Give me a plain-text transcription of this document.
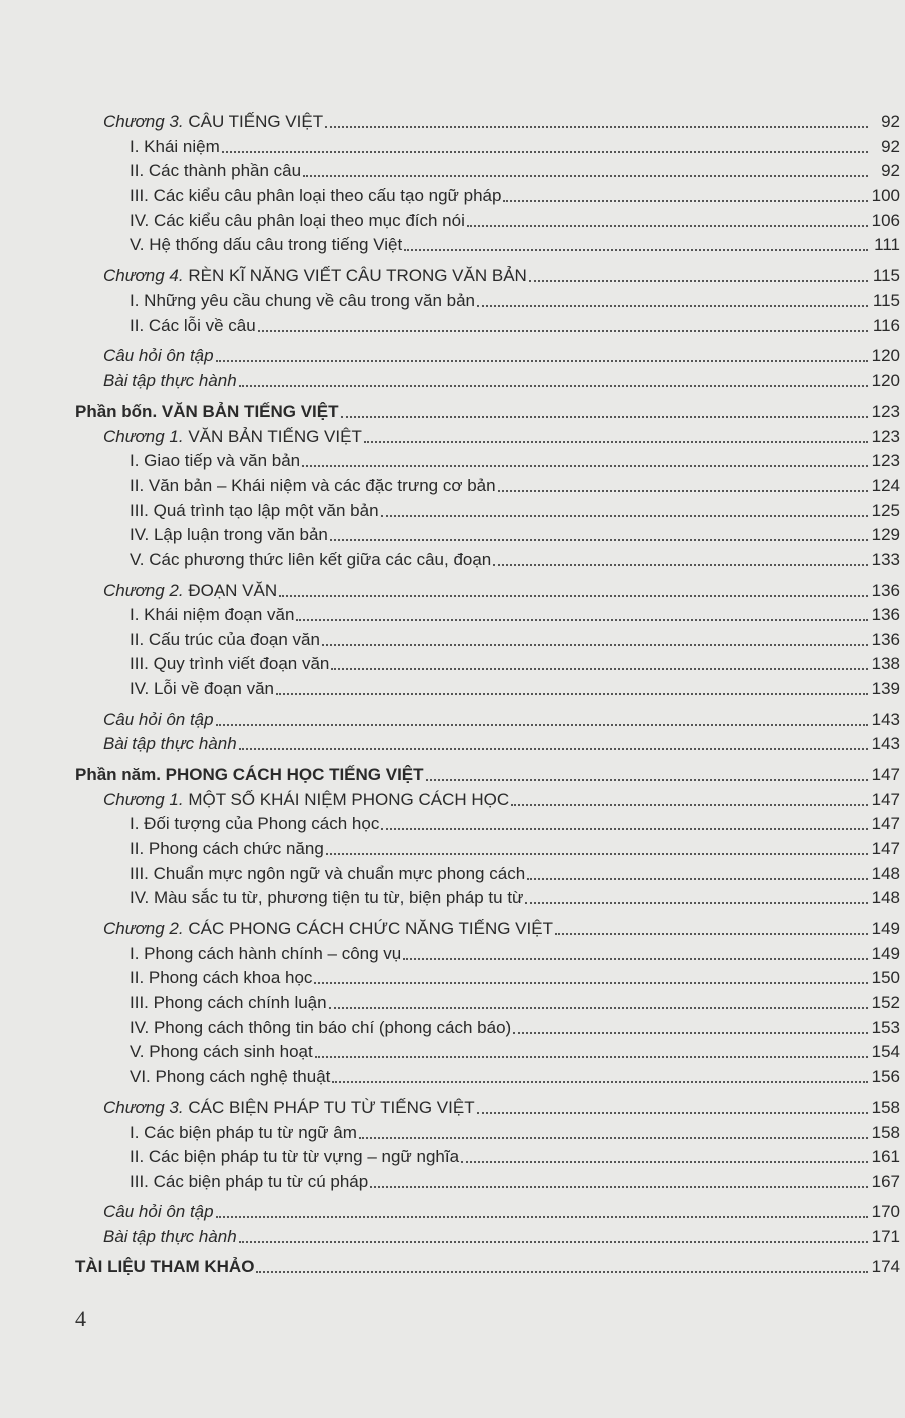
Chương 3. CÂU TIẾNG VIỆT	92
I. Khái niệm	92
II. Các thành phần câu	92
III. Các kiểu câu phân loại theo cấu tạo ngữ pháp	100
IV. Các kiểu câu phân loại theo mục đích nói	106
V. Hệ thống dấu câu trong tiếng Việt	111
Chương 4. RÈN KĨ NĂNG VIẾT CÂU TRONG VĂN BẢN	115
I. Những yêu cầu chung về câu trong văn bản	115
II. Các lỗi về câu	116
Câu hỏi ôn tập	120
Bài tập thực hành	120
Phần bốn. VĂN BẢN TIẾNG VIỆT	123
Chương 1. VĂN BẢN TIẾNG VIỆT	123
I. Giao tiếp và văn bản	123
II. Văn bản – Khái niệm và các đặc trưng cơ bản	124
III. Quá trình tạo lập một văn bản	125
IV. Lập luận trong văn bản	129
V. Các phương thức liên kết giữa các câu, đoạn	133
Chương 2. ĐOẠN VĂN	136
I. Khái niệm đoạn văn	136
II. Cấu trúc của đoạn văn	136
III. Quy trình viết đoạn văn	138
IV. Lỗi về đoạn văn	139
Câu hỏi ôn tập	143
Bài tập thực hành	143
Phần năm. PHONG CÁCH HỌC TIẾNG VIỆT	147
Chương 1. MỘT SỐ KHÁI NIỆM PHONG CÁCH HỌC	147
I. Đối tượng của Phong cách học	147
II. Phong cách chức năng	147
III. Chuẩn mực ngôn ngữ và chuẩn mực phong cách	148
IV. Màu sắc tu từ, phương tiện tu từ, biện pháp tu từ	148
Chương 2. CÁC PHONG CÁCH CHỨC NĂNG TIẾNG VIỆT	149
I. Phong cách hành chính – công vụ	149
II. Phong cách khoa học	150
III. Phong cách chính luận	152
IV. Phong cách thông tin báo chí (phong cách báo)	153
V. Phong cách sinh hoạt	154
VI. Phong cách nghệ thuật	156
Chương 3. CÁC BIỆN PHÁP TU TỪ TIẾNG VIỆT	158
I. Các biện pháp tu từ ngữ âm	158
II. Các biện pháp tu từ từ vựng – ngữ nghĩa	161
III. Các biện pháp tu từ cú pháp	167
Câu hỏi ôn tập	170
Bài tập thực hành	171
TÀI LIỆU THAM KHẢO	174
4
